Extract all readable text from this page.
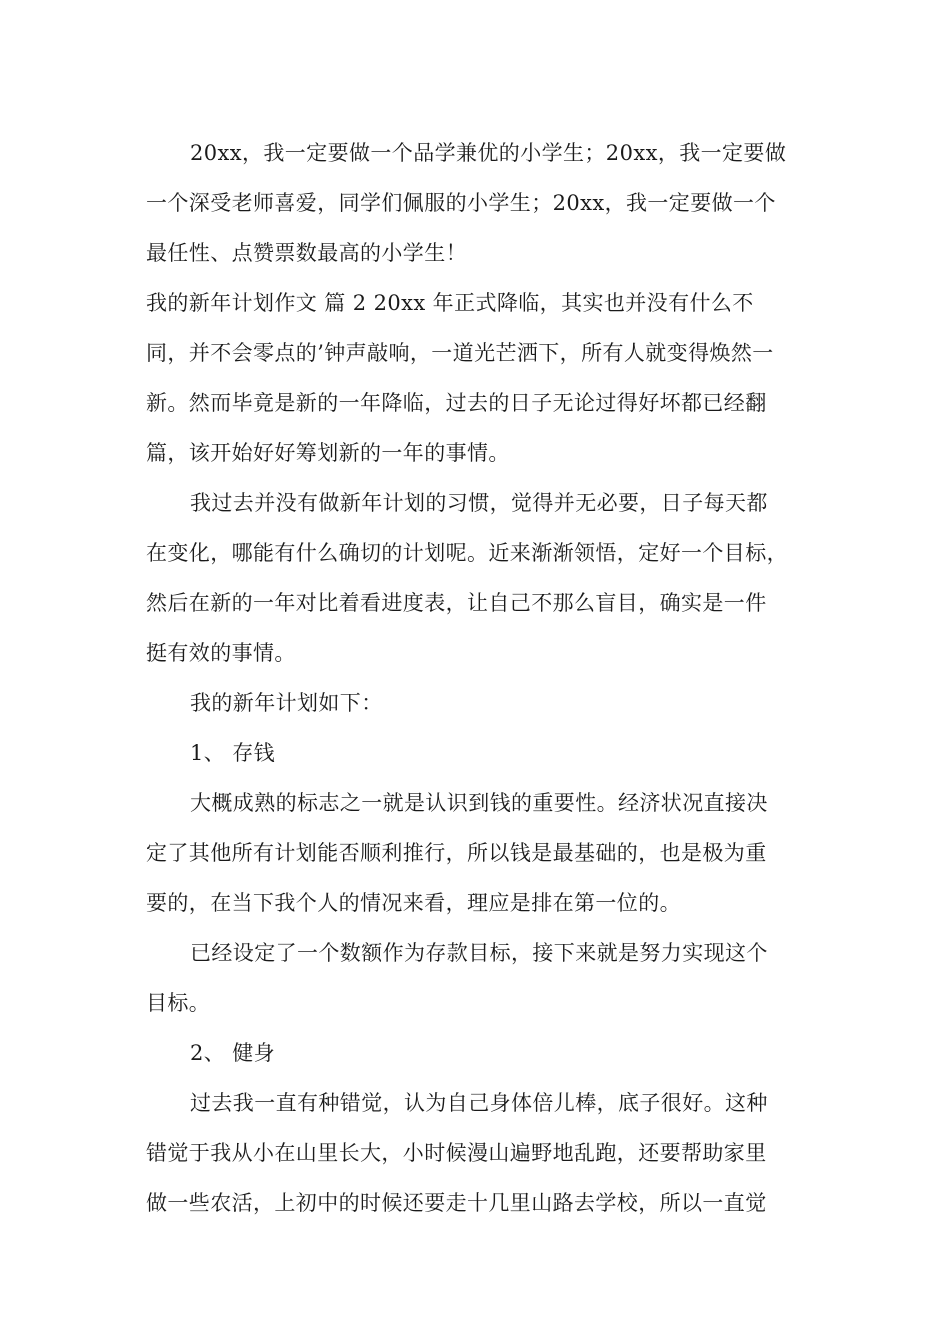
20xx，我一定要做一个品学兼优的小学生；20xx，我一定要做
一个深受老师喜爱，同学们佩服的小学生；20xx，我一定要做一个
最任性、点赞票数最高的小学生！
我的新年计划作文 篇 2 20xx 年正式降临，其实也并没有什么不
同，并不会零点的’钟声敲响，一道光芒洒下，所有人就变得焕然一
新。然而毕竟是新的一年降临，过去的日子无论过得好坏都已经翻
篇，该开始好好筹划新的一年的事情。
我过去并没有做新年计划的习惯，觉得并无必要，日子每天都
在变化，哪能有什么确切的计划呢。近来渐渐领悟，定好一个目标，
然后在新的一年对比着看进度表，让自己不那么盲目，确实是一件
挺有效的事情。
我的新年计划如下：
1、 存钱
大概成熟的标志之一就是认识到钱的重要性。经济状况直接决
定了其他所有计划能否顺利推行，所以钱是最基础的，也是极为重
要的，在当下我个人的情况来看，理应是排在第一位的。
已经设定了一个数额作为存款目标，接下来就是努力实现这个
目标。
2、 健身
过去我一直有种错觉，认为自己身体倍儿棒，底子很好。这种
错觉于我从小在山里长大，小时候漫山遍野地乱跑，还要帮助家里
做一些农活，上初中的时候还要走十几里山路去学校，所以一直觉
